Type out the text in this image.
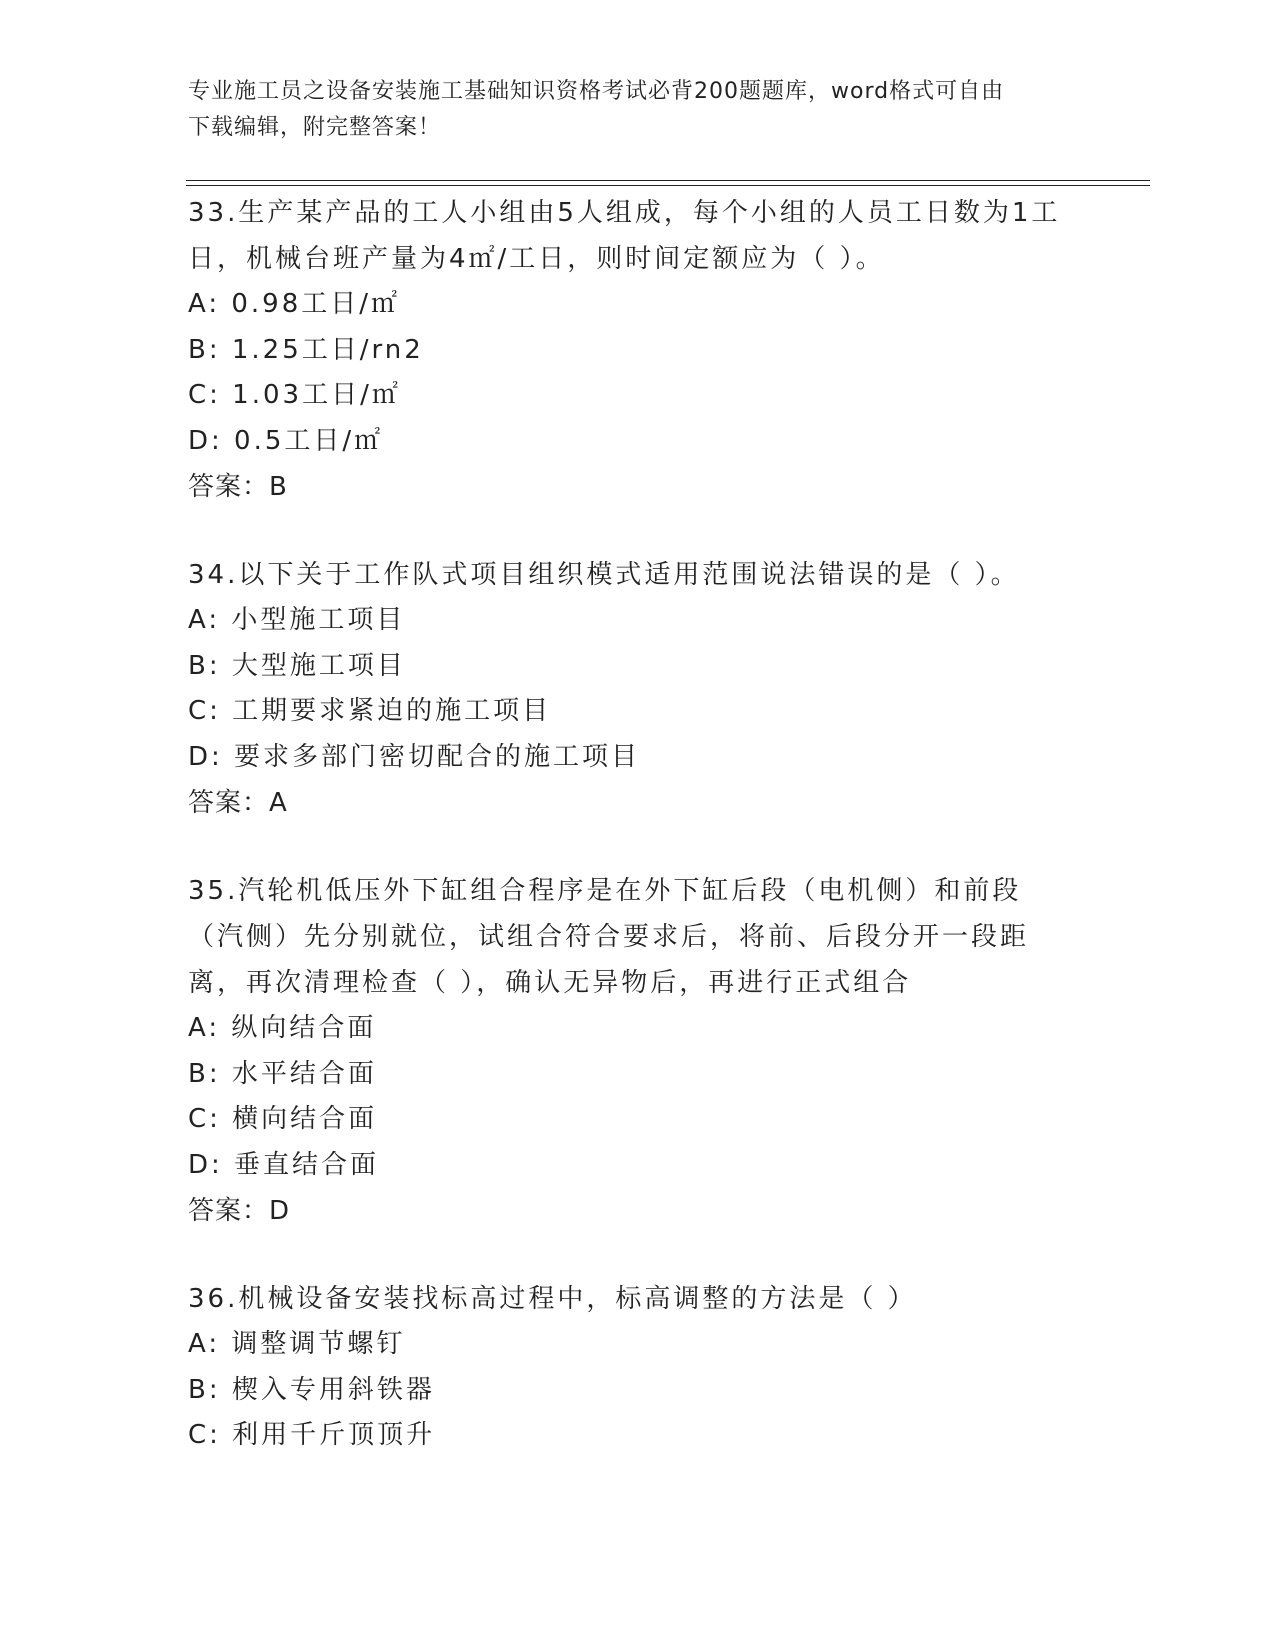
专业施工员之设备安装施工基础知识资格考试必背200题题库，word格式可自由
下载编辑，附完整答案！
33.生产某产品的工人小组由5人组成，每个小组的人员工日数为1工日，机械台班产量为4㎡/工日，则时间定额应为（ ）。
A: 0.98工日/㎡
B: 1.25工日/rn2
C: 1.03工日/㎡
D: 0.5工日/㎡
答案：B
34.以下关于工作队式项目组织模式适用范围说法错误的是（ ）。
A: 小型施工项目
B: 大型施工项目
C: 工期要求紧迫的施工项目
D: 要求多部门密切配合的施工项目
答案：A
35.汽轮机低压外下缸组合程序是在外下缸后段（电机侧）和前段（汽侧）先分别就位，试组合符合要求后，将前、后段分开一段距离，再次清理检查（ ），确认无异物后，再进行正式组合
A: 纵向结合面
B: 水平结合面
C: 横向结合面
D: 垂直结合面
答案：D
36.机械设备安装找标高过程中，标高调整的方法是（ ）
A: 调整调节螺钉
B: 楔入专用斜铁器
C: 利用千斤顶顶升
